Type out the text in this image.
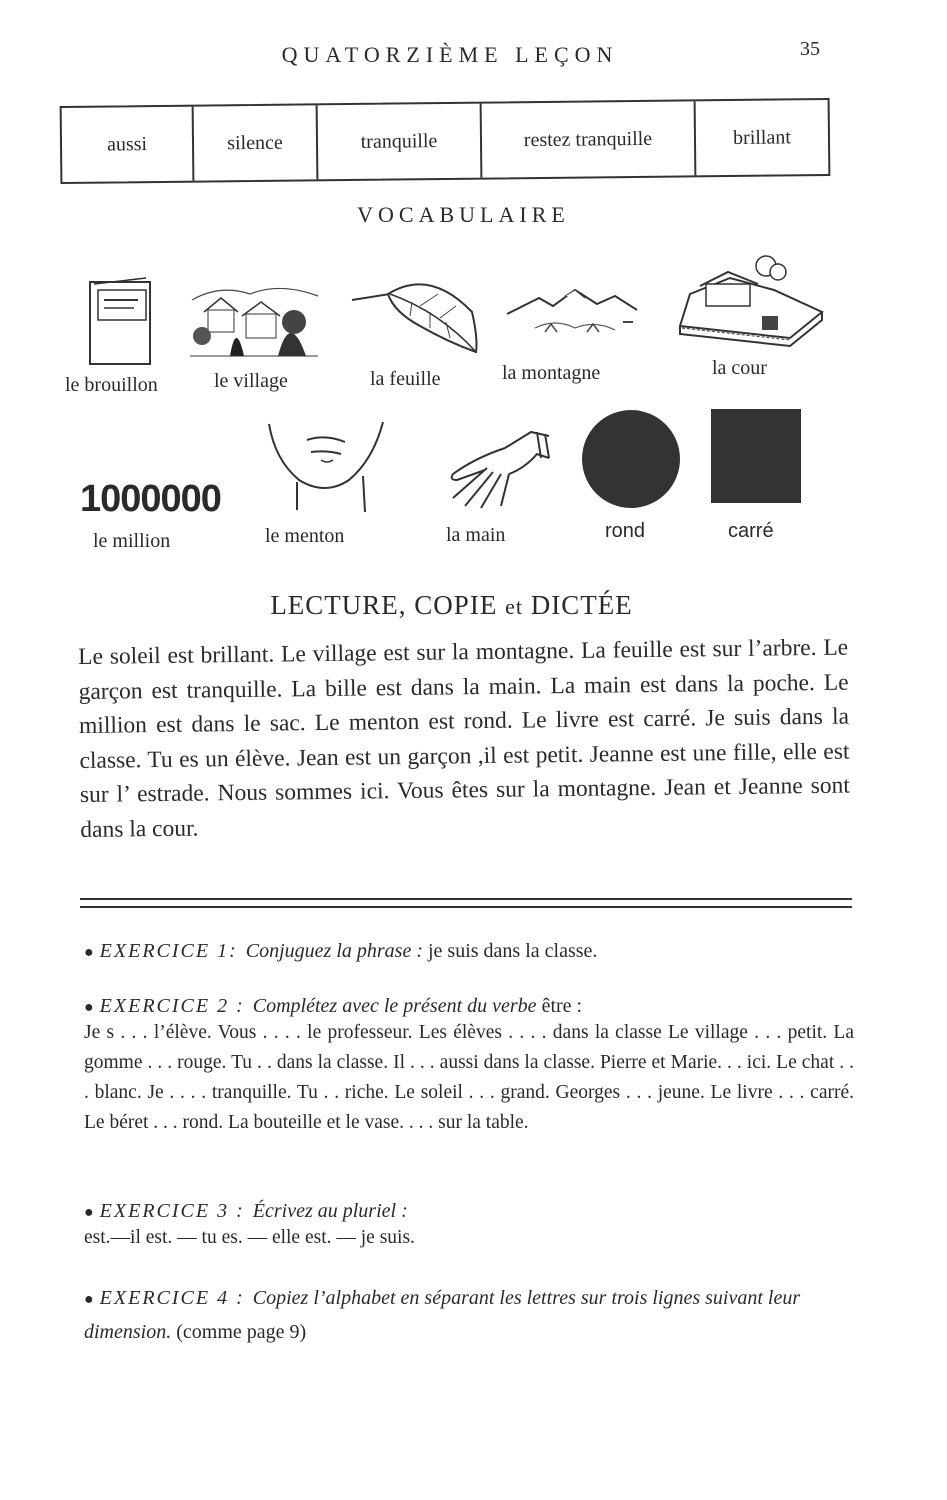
QUATORZIÈME LEÇON	35
aussi	silence	tranquille	restez tranquille	brillant
VOCABULAIRE
le brouillon	le village	la feuille	la montagne	la cour
1000000
le million	le menton	la main	rond	carré
LECTURE, COPIE et DICTÉE
Le soleil est brillant. Le village est sur la montagne. La feuille est sur l’arbre. Le garçon est tranquille. La bille est dans la main. La main est dans la poche. Le million est dans le sac. Le menton est rond. Le livre est carré. Je suis dans la classe. Tu es un élève. Jean est un garçon ,il est petit. Jeanne est une fille, elle est sur l’ estrade. Nous sommes ici. Vous êtes sur la montagne. Jean et Jeanne sont dans la cour.
● EXERCICE 1: Conjuguez la phrase : je suis dans la classe.
● EXERCICE 2 : Complétez avec le présent du verbe être :
Je s . . . l’élève. Vous . . . . le professeur. Les élèves . . . . dans la classe Le village . . . petit. La gomme . . . rouge. Tu . . dans la classe. Il . . . aussi dans la classe. Pierre et Marie. . . ici. Le chat . . . blanc. Je . . . . tranquille. Tu . . riche. Le soleil . . . grand. Georges . . . jeune. Le livre . . . carré. Le béret . . . rond. La bouteille et le vase. . . . sur la table.
● EXERCICE 3 : Écrivez au pluriel :
est.—il est. — tu es. — elle est. — je suis.
● EXERCICE 4 : Copiez l’alphabet en séparant les lettres sur trois lignes suivant leur dimension. (comme page 9)
